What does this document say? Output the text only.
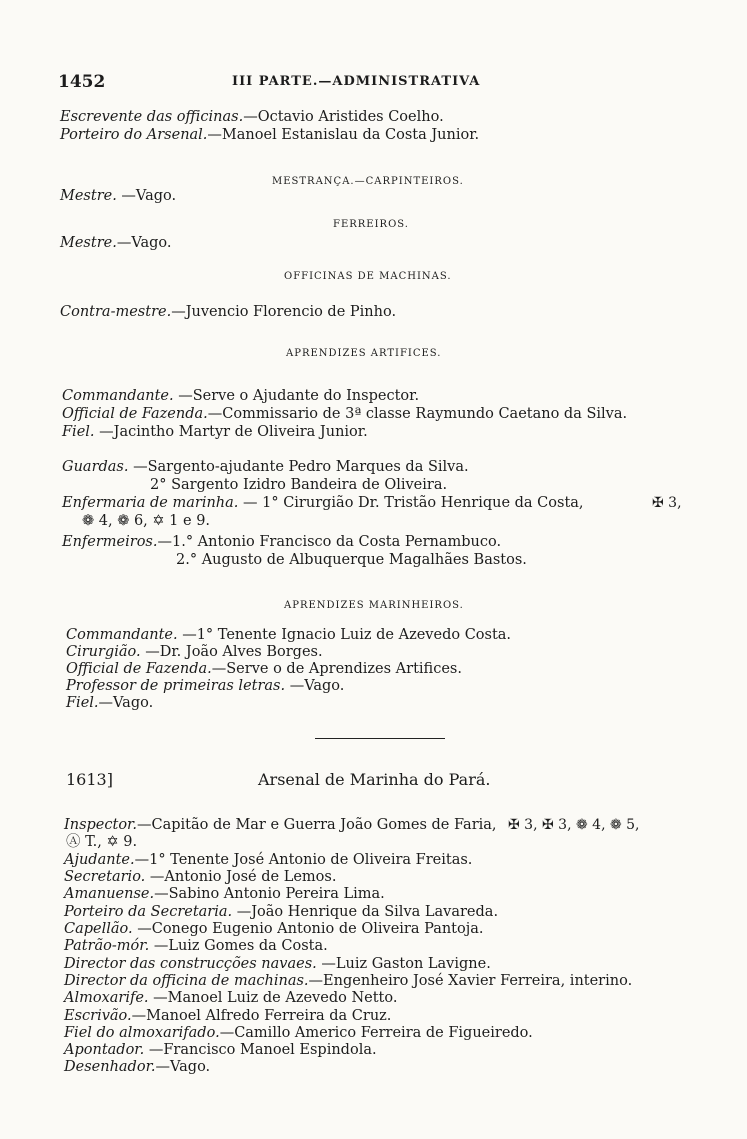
1452	III PARTE.—ADMINISTRATIVA
Escrevente das officinas.—Octavio Aristides Coelho.
Porteiro do Arsenal.—Manoel Estanislau da Costa Junior.
MESTRANÇA.—CARPINTEIROS.
Mestre. —Vago.
FERREIROS.
Mestre.—Vago.
OFFICINAS DE MACHINAS.
Contra-mestre.—Juvencio Florencio de Pinho.
APRENDIZES ARTIFICES.
Commandante. —Serve o Ajudante do Inspector.
Official de Fazenda.—Commissario de 3ª classe Raymundo Caetano da Silva.
Fiel. —Jacintho Martyr de Oliveira Junior.
Guardas. —Sargento-ajudante Pedro Marques da Silva.
2° Sargento Izidro Bandeira de Oliveira.
Enfermaria de marinha. — 1° Cirurgião Dr. Tristão Henrique da Costa,	✠ 3,
❁ 4, ❁ 6, ✡ 1 e 9.
Enfermeiros.—1.° Antonio Francisco da Costa Pernambuco.
2.° Augusto de Albuquerque Magalhães Bastos.
APRENDIZES MARINHEIROS.
Commandante. —1° Tenente Ignacio Luiz de Azevedo Costa.
Cirurgião. —Dr. João Alves Borges.
Official de Fazenda.—Serve o de Aprendizes Artifices.
Professor de primeiras letras. —Vago.
Fiel.—Vago.
1613]	Arsenal de Marinha do Pará.
Inspector.—Capitão de Mar e Guerra João Gomes de Faria, ✠ 3, ✠ 3, ❁ 4, ❁ 5,
Ⓐ T., ✡ 9.
Ajudante.—1° Tenente José Antonio de Oliveira Freitas.
Secretario. —Antonio José de Lemos.
Amanuense.—Sabino Antonio Pereira Lima.
Porteiro da Secretaria. —João Henrique da Silva Lavareda.
Capellão. —Conego Eugenio Antonio de Oliveira Pantoja.
Patrão-mór. —Luiz Gomes da Costa.
Director das construcções navaes. —Luiz Gaston Lavigne.
Director da officina de machinas.—Engenheiro José Xavier Ferreira, interino.
Almoxarife. —Manoel Luiz de Azevedo Netto.
Escrivão.—Manoel Alfredo Ferreira da Cruz.
Fiel do almoxarifado.—Camillo Americo Ferreira de Figueiredo.
Apontador. —Francisco Manoel Espindola.
Desenhador.—Vago.
